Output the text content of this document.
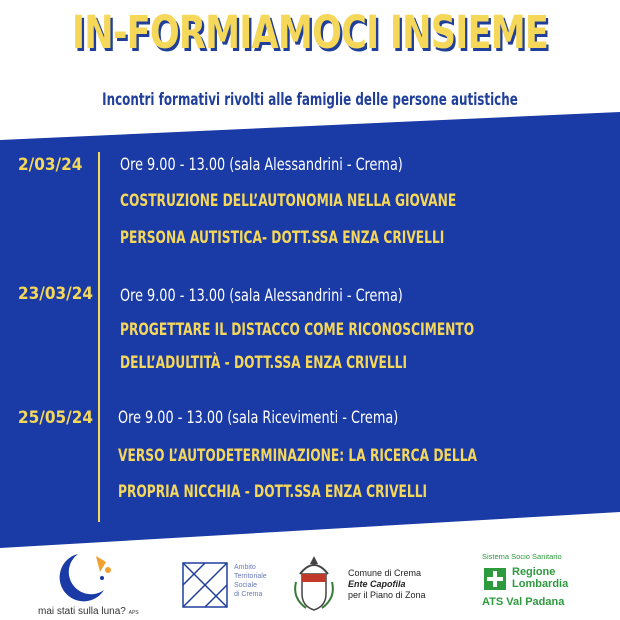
IN-FORMIAMOCI INSIEME
Incontri formativi rivolti alle famiglie delle persone autistiche
2/03/24 Ore 9.00 - 13.00 (sala Alessandrini - Crema)
COSTRUZIONE DELL’AUTONOMIA NELLA GIOVANE
PERSONA AUTISTICA- DOTT.SSA ENZA CRIVELLI
23/03/24 Ore 9.00 - 13.00 (sala Alessandrini - Crema)
PROGETTARE IL DISTACCO COME RICONOSCIMENTO
DELL’ADULTITÀ - DOTT.SSA ENZA CRIVELLI
25/05/24 Ore 9.00 - 13.00 (sala Ricevimenti - Crema)
VERSO L’AUTODETERMINAZIONE: LA RICERCA DELLA
PROPRIA NICCHIA - DOTT.SSA ENZA CRIVELLI
mai stati sulla luna? APS
Ambito
Territoriale
Sociale
di Crema
Comune di Crema
Ente Capofila
per il Piano di Zona
Sistema Socio Sanitario
Regione
Lombardia
ATS Val Padana
